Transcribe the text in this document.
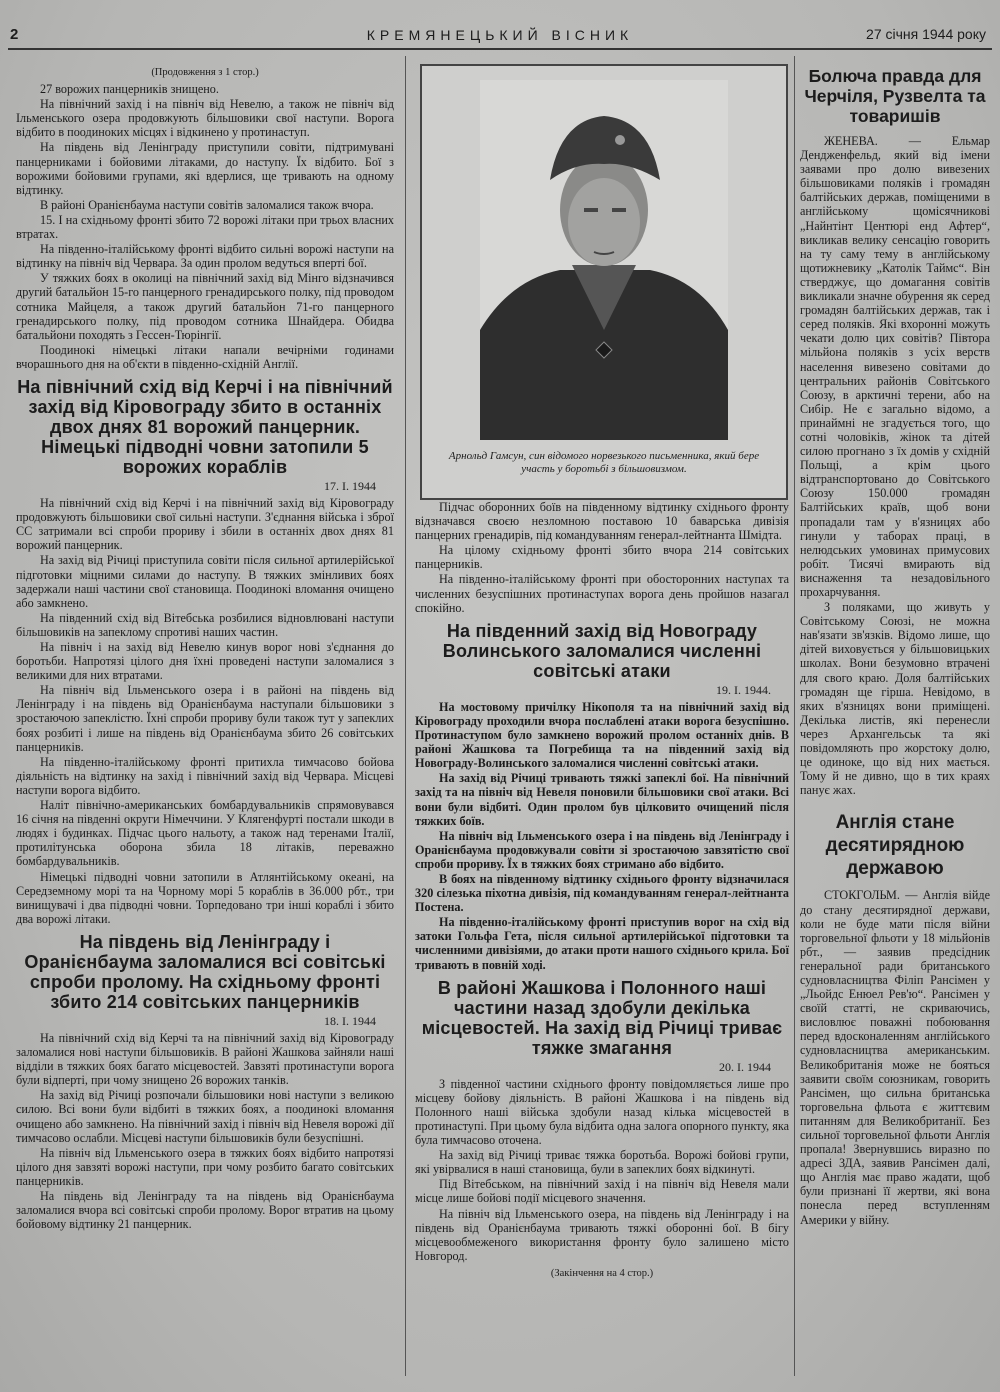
2	КРЕМЯНЕЦЬКИЙ ВІСНИК	27 січня 1944 року

(Продовження з 1 стор.)

27 ворожих панцерників знищено.

На північний захід і на північ від Невелю, а також не північ від Ільменського озера продовжують більшовики свої наступи. Ворога відбито в поодиноких місцях і відкинено у протинаступ.

На південь від Ленінграду приступили совіти, підтримувані панцерниками і бойовими літаками, до наступу. Їх відбито. Бої з ворожими бойовими групами, які вдерлися, ще тривають на одному відтинку.

В районі Оранієнбаума наступи совітів заломалися також вчора.

15. I на східньому фронті збито 72 ворожі літаки при трьох власних втратах.

На південно-італійському фронті відбито сильні ворожі наступи на відтинку на північ від Червара. За один пролом ведуться вперті бої.

У тяжких боях в околиці на північний захід від Мінго відзначився другий батальйон 15-го панцерного гренадирського полку, під проводом сотника Майцеля, а також другий батальйон 71-го панцерного гренадирського полку, під проводом сотника Шнайдера. Обидва батальйони походять з Гессен-Тюрінгії.

Поодинокі німецькі літаки напали вечірніми годинами вчорашнього дня на об'єкти в південно-східній Англії.

На північний схід від Керчі і на північний захід від Кіровограду збито в останніх двох днях 81 ворожий панцерник. Німецькі підводні човни затопили 5 ворожих кораблів
17. I. 1944

На північний схід від Керчі і на північний захід від Кіровограду продовжують більшовики свої сильні наступи. З'єднання війська і зброї СС затримали всі спроби прориву і збили в останніх двох днях 81 ворожий панцерник.

На захід від Річиці приступила совіти після сильної артилерійської підготовки міцними силами до наступу. В тяжких змінливих боях задержали наші частини свої становища. Поодинокі вломання очищено або замкнено.

На південний схід від Вітебська розбилися відновлювані наступи більшовиків на запеклому спротиві наших частин.

На північ і на захід від Невелю кинув ворог нові з'єднання до боротьби. Напротязі цілого дня їхні проведені наступи заломалися з великими для них втратами.

На північ від Ільменського озера і в районі на південь від Ленінграду і на південь від Оранієнбаума наступали більшовики з зростаючою запеклістю. Їхні спроби прориву були також тут у запеклих боях розбиті і лише на південь від Оранієнбаума збито 26 совітських панцерників.

На південно-італійському фронті притихла тимчасово бойова діяльність на відтинку на захід і північний захід від Червара. Місцеві наступи ворога відбито.

Наліт північно-американських бомбардувальників спрямовувався 16 січня на південні округи Німеччини. У Клягенфурті постали шкоди в людях і будинках. Підчас цього нальоту, а також над теренами Італії, протилітунська оборона збила 18 літаків, переважно бомбардувальників.

Німецькі підводні човни затопили в Атлянтійському океані, на Середземному морі та на Чорному морі 5 кораблів в 36.000 рбт., три винищувачі і два підводні човни. Торпедовано три інші кораблі і збито два ворожі літаки.

На південь від Ленінграду і Оранієнбаума заломалися всі совітські спроби пролому. На східньому фронті збито 214 совітських панцерників
18. I. 1944

На північний схід від Керчі та на північний захід від Кіровограду заломалися нові наступи більшовиків. В районі Жашкова зайняли наші відділи в тяжких боях багато місцевостей. Завзяті протинаступи ворога були відперті, при чому знищено 26 ворожих танків.

На захід від Річиці розпочали більшовики нові наступи з великою силою. Всі вони були відбиті в тяжких боях, а поодинокі вломання очищено або замкнено. На північний захід і північ від Невеля ворожі дії тимчасово ослабли. Місцеві наступи більшовиків були безуспішні.

На північ від Ільменського озера в тяжких боях відбито напротязі цілого дня завзяті ворожі наступи, при чому розбито багато совітських панцерників.

На південь від Ленінграду та на південь від Оранієнбаума заломалися вчора всі совітські спроби пролому. Ворог втратив на цьому бойовому відтинку 21 панцерник.

Арнольд Гамсун, син відомого норвезького письменника, який бере участь у боротьбі з більшовизмом.

Підчас оборонних боїв на південному відтинку східнього фронту відзначався своєю незломною поставою 10 баварська дивізія панцерних гренадирів, під командуванням генерал-лейтнанта Шмідта.

На цілому східньому фронті збито вчора 214 совітських панцерників.

На південно-італійському фронті при обосторонних наступах та численних безуспішних протинаступах ворога день пройшов назагал спокійно.

На південний захід від Новограду Волинського заломалися численні совітські атаки
19. I. 1944.

На мостовому причілку Нікополя та на північний захід від Кіровограду проходили вчора послаблені атаки ворога безуспішно. Протинаступом було замкнено ворожий пролом останніх днів. В районі Жашкова та Погребища та на південний захід від Новограду-Волинського заломалися численні совітські атаки.

На захід від Річиці тривають тяжкі запеклі бої. На північний захід та на північ від Невеля поновили більшовики свої атаки. Всі вони були відбиті. Один пролом був цілковито очищений після тяжких боїв.

На північ від Ільменського озера і на південь від Ленінграду і Оранієнбаума продовжували совіти зі зростаючою завзятістю свої спроби прориву. Їх в тяжких боях стримано або відбито.

В боях на південному відтинку східнього фронту відзначилася 320 сілезька піхотна дивізія, під командуванням генерал-лейтнанта Постена.

На південно-італійському фронті приступив ворог на схід від затоки Гольфа Гета, після сильної артилерійської підготовки та численними дивізіями, до атаки проти нашого східнього крила. Бої тривають в повній ході.

В районі Жашкова і Полонного наші частини назад здобули декілька місцевостей. На захід від Річиці триває тяжке змагання
20. I. 1944

З південної частини східнього фронту повідомляється лише про місцеву бойову діяльність. В районі Жашкова і на південь від Полонного наші війська здобули назад кілька місцевостей в протинаступі. При цьому була відбита одна залога опорного пункту, яка була тимчасово оточена.

На захід від Річиці триває тяжка боротьба. Ворожі бойові групи, які увірвалися в наші становища, були в запеклих боях відкинуті.

Під Вітебськом, на північний захід і на північ від Невеля мали місце лише бойові події місцевого значення.

На північ від Ільменського озера, на південь від Ленінграду і на південь від Оранієнбаума тривають тяжкі оборонні бої. В бігу місцевообмеженого використання фронту було залишено місто Новгород.

(Закінчення на 4 стор.)
Болюча правда для Черчіля, Рузвелта та товаришів

ЖЕНЕВА. — Ельмар Дендженфельд, який від імени заявами про долю вивезених більшовиками поляків і громадян балтійських держав, поміщеними в англійському щомісячникові „Найнтінт Центюрі енд Афтер“, викликав велику сенсацію говорить на ту саму тему в англійському щотижневику „Католік Таймс“. Він стверджує, що домагання совітів викликали значне обурення як серед громадян балтійських держав, так і серед поляків. Які вхоронні можуть чекати долю цих совітів? Півтора мільйона поляків з усіх верств населення вивезено совітами до центральних районів Совітського Союзу, в арктичні терени, або на Сибір. Не є загально відомо, а принаймні не згадується того, що сотні чоловіків, жінок та дітей силою прогнано з їх домів у східній Польщі, а крім цього відтранспортовано до Совітського Союзу 150.000 громадян Балтійських країв, щоб вони пропадали там у в'язницях або гинули у таборах праці, в нелюдських умовинах примусових робіт. Тисячі вмирають від виснаження та незадовільного прохарчування.

З поляками, що живуть у Совітському Союзі, не можна нав'язати зв'язків. Відомо лише, що дітей виховується у більшовицьких школах. Вони безумовно втрачені для свого краю. Доля балтійських громадян ще гірша. Невідомо, в яких в'язницях вони приміщені. Декілька листів, які перенесли через Архангельськ та які повідомляють про жорстоку долю, це одиноке, що від них мається. Тому й не дивно, що в тих краях панує жах.

Англія стане десятирядною державою

СТОКГОЛЬМ. — Англія війде до стану десятирядної держави, коли не буде мати після війни торговельної фльоти у 18 мільйонів рбт., — заявив предсідник генеральної ради британського судновласництва Філіп Рансімен у „Льойдс Енюел Рев'ю“. Рансімен у своїй статті, не скриваючись, висловлює поважні побоювання перед вдосконаленням англійського судновласництва американським. Великобританія може не бояться заявити своїм союзникам, говорить Рансімен, що сильна британська торговельна фльота є життєвим питанням для Великобританії. Без сильної торговельної фльоти Англія пропала! Звернувшись виразно по адресі ЗДА, заявив Рансімен далі, що Англія має право жадати, щоб були признані її жертви, які вона понесла перед вступленням Америки у війну.
